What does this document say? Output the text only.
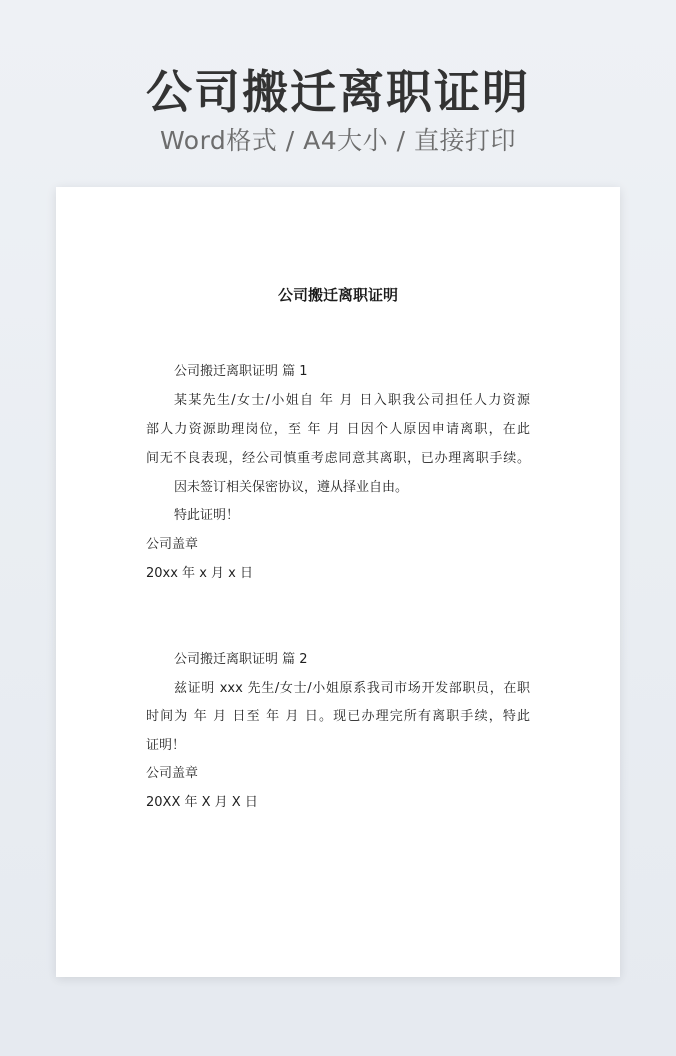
公司搬迁离职证明
Word格式 / A4大小 / 直接打印
公司搬迁离职证明
公司搬迁离职证明 篇 1
某某先生/女士/小姐自 年 月 日入职我公司担任人力资源
部人力资源助理岗位，至 年 月 日因个人原因申请离职，在此
间无不良表现，经公司慎重考虑同意其离职，已办理离职手续。
因未签订相关保密协议，遵从择业自由。
特此证明！
公司盖章
20xx 年 x 月 x 日
公司搬迁离职证明 篇 2
兹证明 xxx 先生/女士/小姐原系我司市场开发部职员，在职
时间为 年 月 日至 年 月 日。现已办理完所有离职手续，特此
证明！
公司盖章
20XX 年 X 月 X 日
